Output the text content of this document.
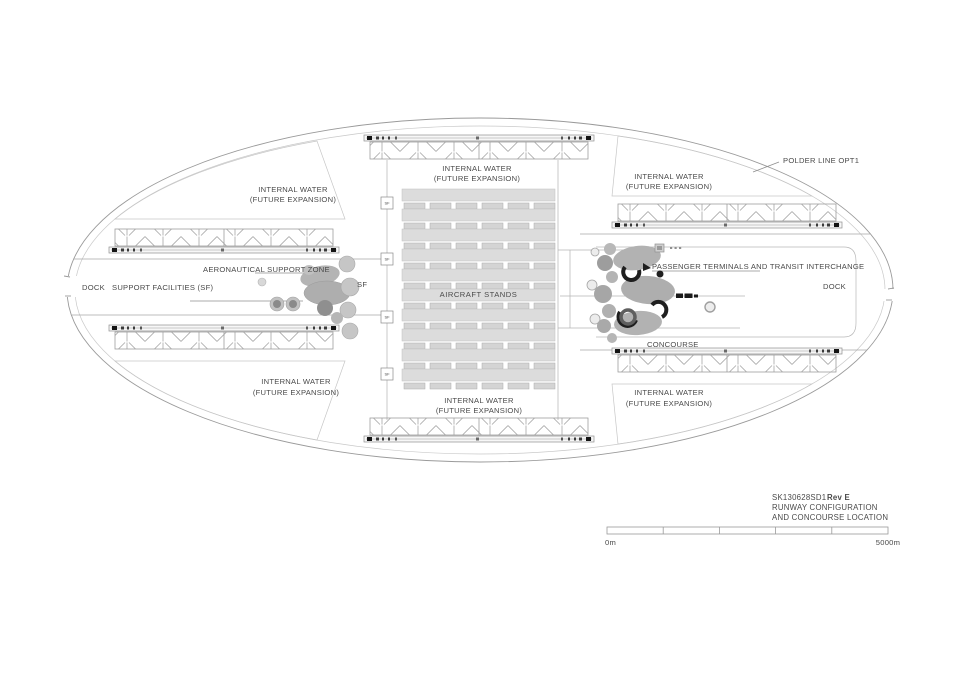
SF
SF
SF
SF
POLDER LINE OPT1
INTERNAL WATER
(FUTURE EXPANSION)
INTERNAL WATER
(FUTURE EXPANSION)	INTERNAL WATER
(FUTURE EXPANSION)
INTERNAL WATER
(FUTURE EXPANSION)
INTERNAL WATER
(FUTURE EXPANSION)
INTERNAL WATER
(FUTURE EXPANSION)
AERONAUTICAL SUPPORT ZONE
DOCK SUPPORT FACILITIES (SF)	SF
AIRCRAFT STANDS
PASSENGER TERMINALS AND TRANSIT INTERCHANGE
DOCK
CONCOURSE
SK130628SD1 Rev E
RUNWAY CONFIGURATION
AND CONCOURSE LOCATION
0m	5000m
